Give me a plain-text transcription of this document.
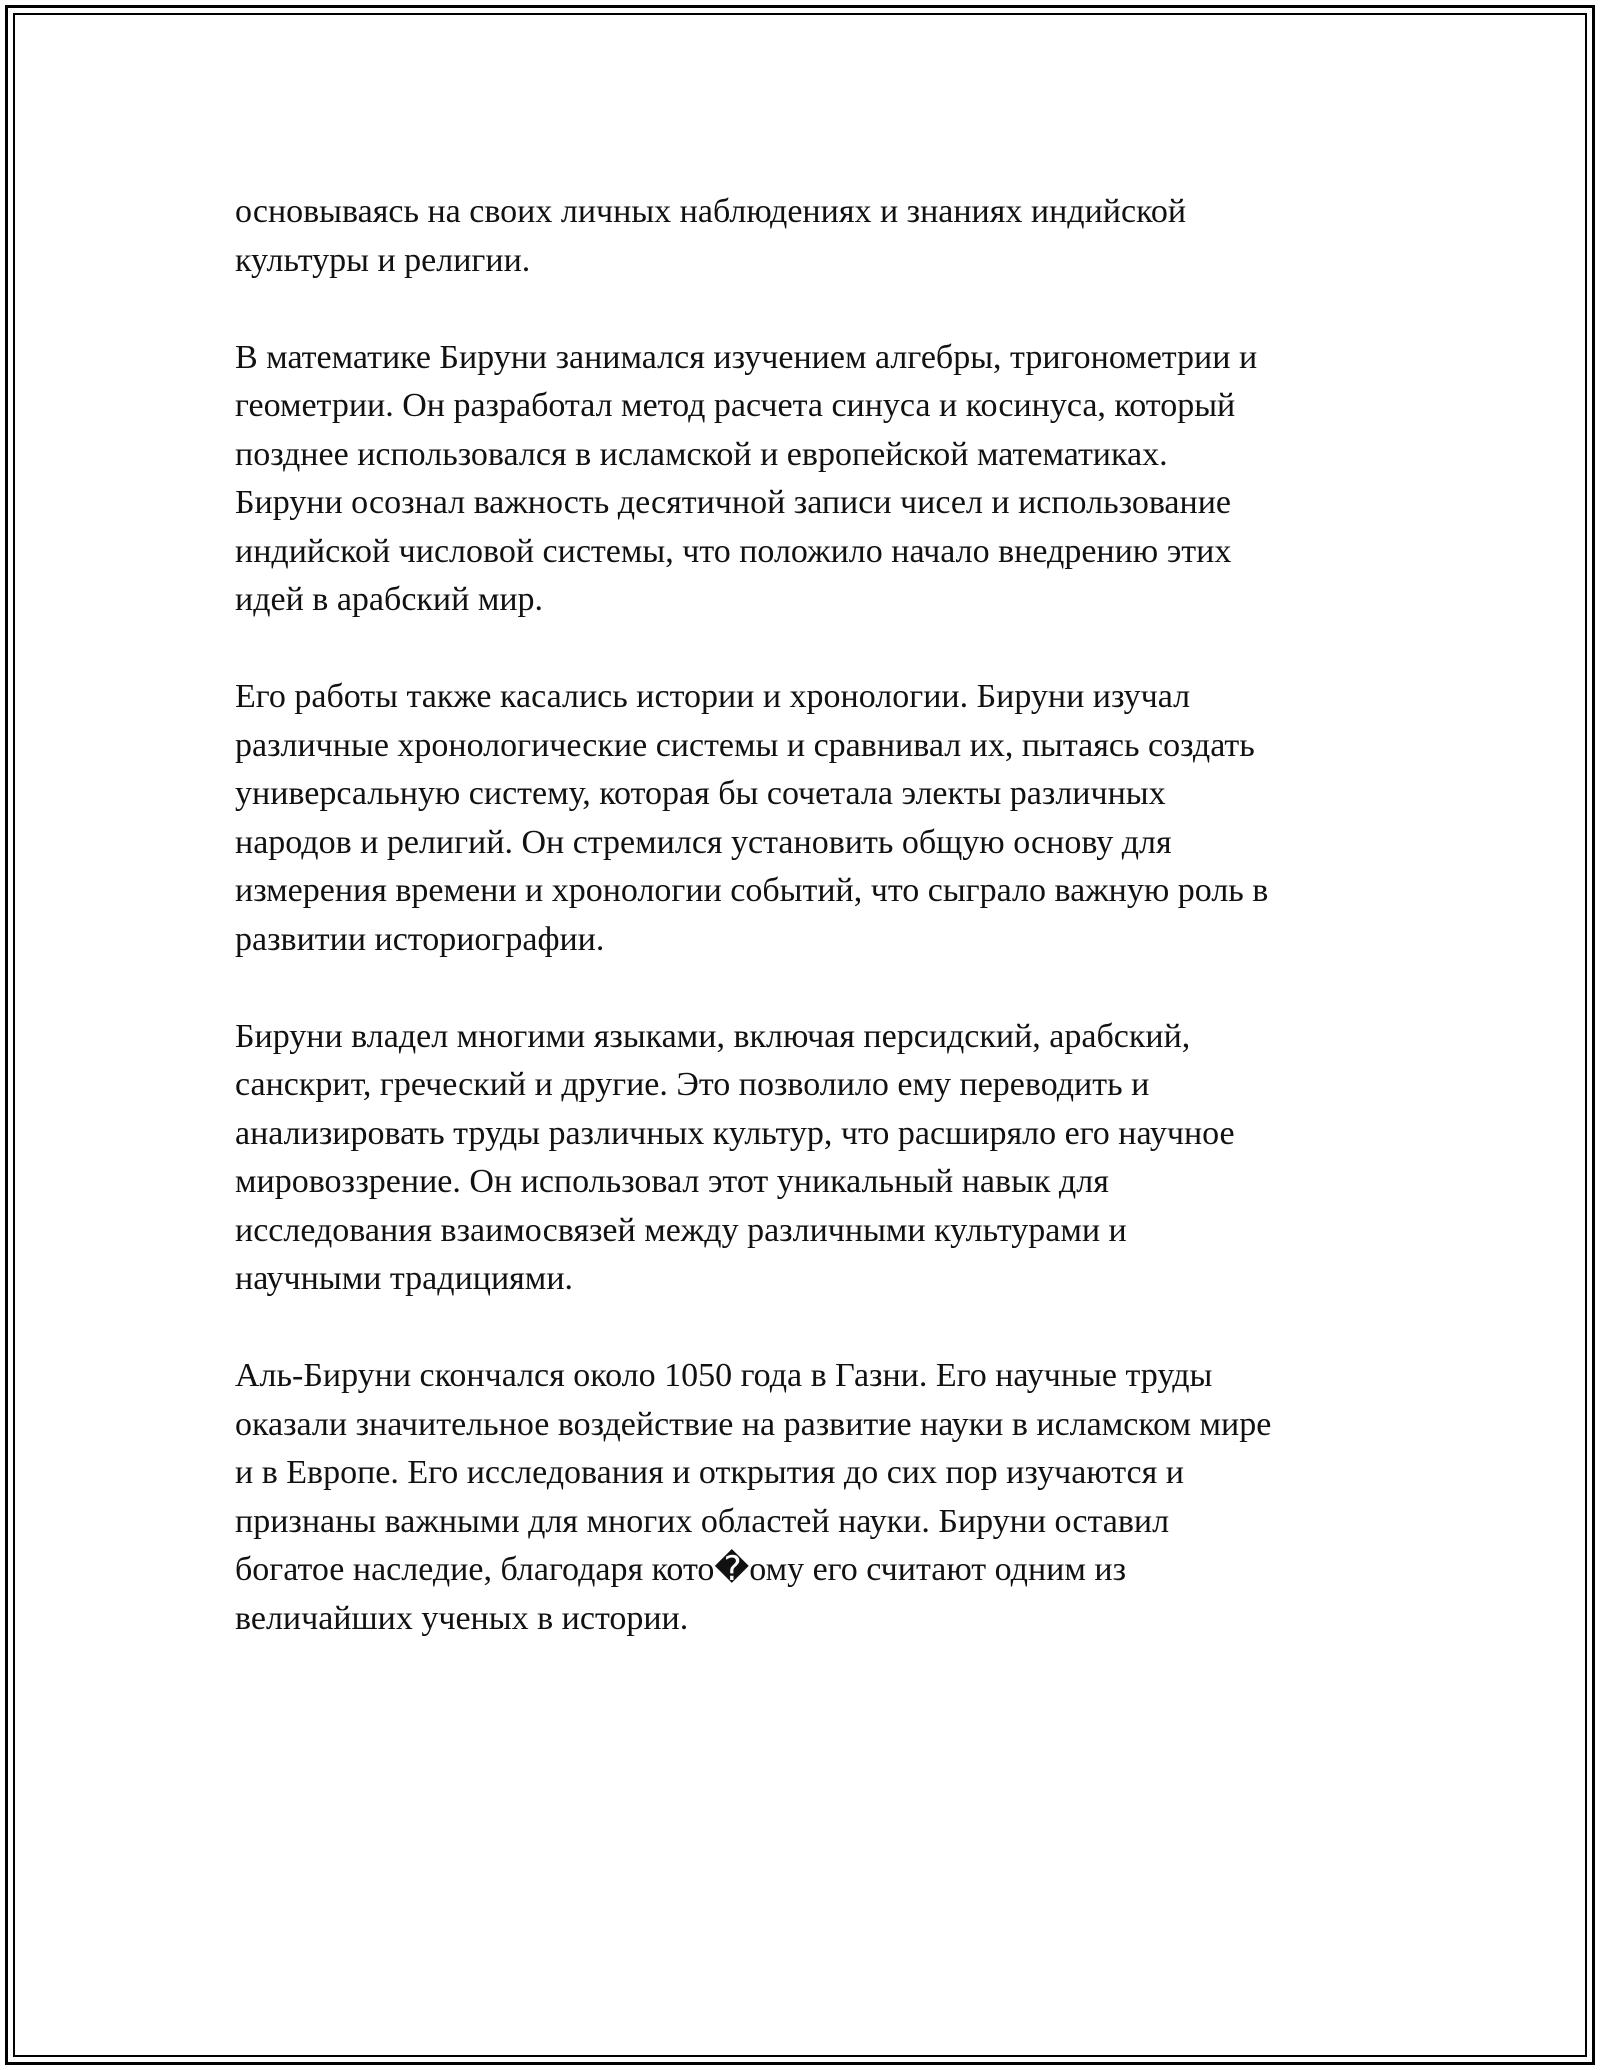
основываясь на своих личных наблюдениях и знаниях индийской
культуры и религии.

В математике Бируни занимался изучением алгебры, тригонометрии и
геометрии. Он разработал метод расчета синуса и косинуса, который
позднее использовался в исламской и европейской математиках.
Бируни осознал важность десятичной записи чисел и использование
индийской числовой системы, что положило начало внедрению этих
идей в арабский мир.

Его работы также касались истории и хронологии. Бируни изучал
различные хронологические системы и сравнивал их, пытаясь создать
универсальную систему, которая бы сочетала электы различных
народов и религий. Он стремился установить общую основу для
измерения времени и хронологии событий, что сыграло важную роль в
развитии историографии.

Бируни владел многими языками, включая персидский, арабский,
санскрит, греческий и другие. Это позволило ему переводить и
анализировать труды различных культур, что расширяло его научное
мировоззрение. Он использовал этот уникальный навык для
исследования взаимосвязей между различными культурами и
научными традициями.

Аль-Бируни скончался около 1050 года в Газни. Его научные труды
оказали значительное воздействие на развитие науки в исламском мире
и в Европе. Его исследования и открытия до сих пор изучаются и
признаны важными для многих областей науки. Бируни оставил
богатое наследие, благодаря кото�ому его считают одним из
величайших ученых в истории.
